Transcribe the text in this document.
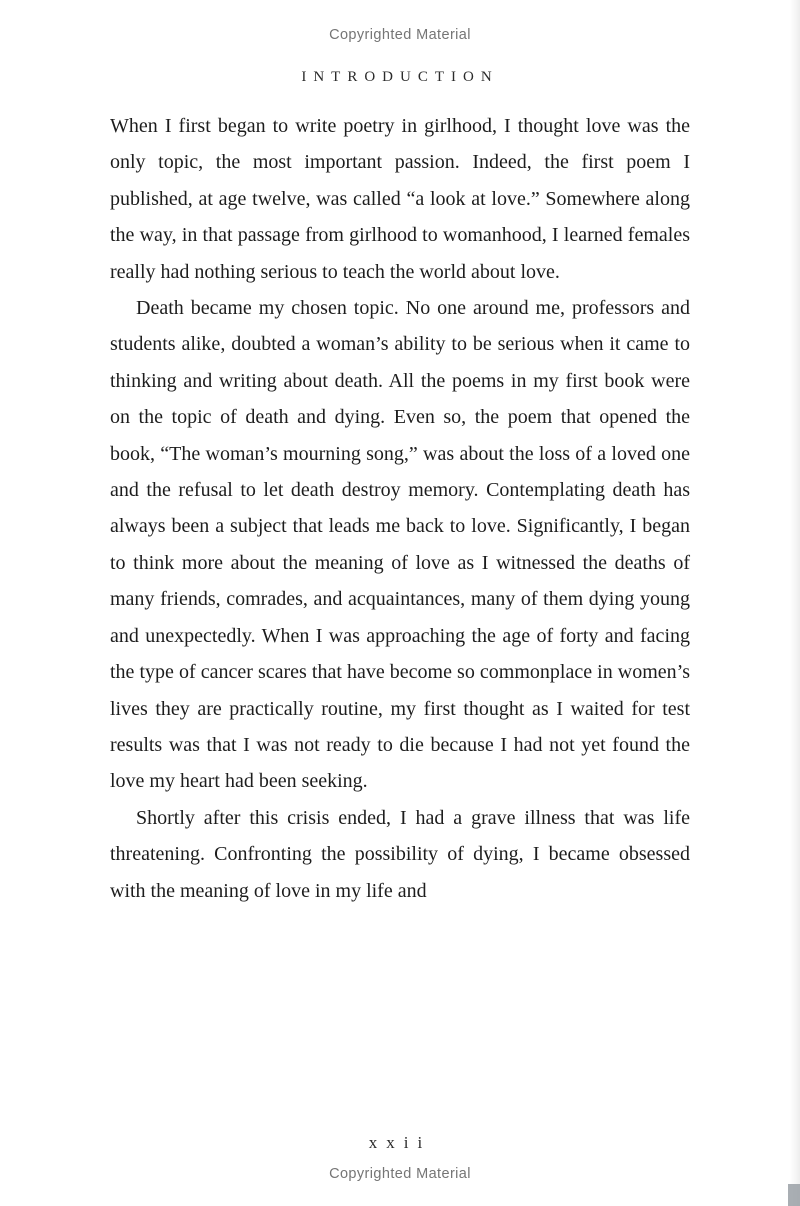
Copyrighted Material
INTRODUCTION

When I first began to write poetry in girlhood, I thought love was the only topic, the most important passion. Indeed, the first poem I published, at age twelve, was called “a look at love.” Somewhere along the way, in that passage from girlhood to womanhood, I learned females really had nothing serious to teach the world about love.

Death became my chosen topic. No one around me, professors and students alike, doubted a woman’s ability to be serious when it came to thinking and writing about death. All the poems in my first book were on the topic of death and dying. Even so, the poem that opened the book, “The woman’s mourning song,” was about the loss of a loved one and the refusal to let death destroy memory. Contemplating death has always been a subject that leads me back to love. Significantly, I began to think more about the meaning of love as I witnessed the deaths of many friends, comrades, and acquaintances, many of them dying young and unexpectedly. When I was approaching the age of forty and facing the type of cancer scares that have become so commonplace in women’s lives they are practically routine, my first thought as I waited for test results was that I was not ready to die because I had not yet found the love my heart had been seeking.

Shortly after this crisis ended, I had a grave illness that was life threatening. Confronting the possibility of dying, I became obsessed with the meaning of love in my life and

xxii
Copyrighted Material
